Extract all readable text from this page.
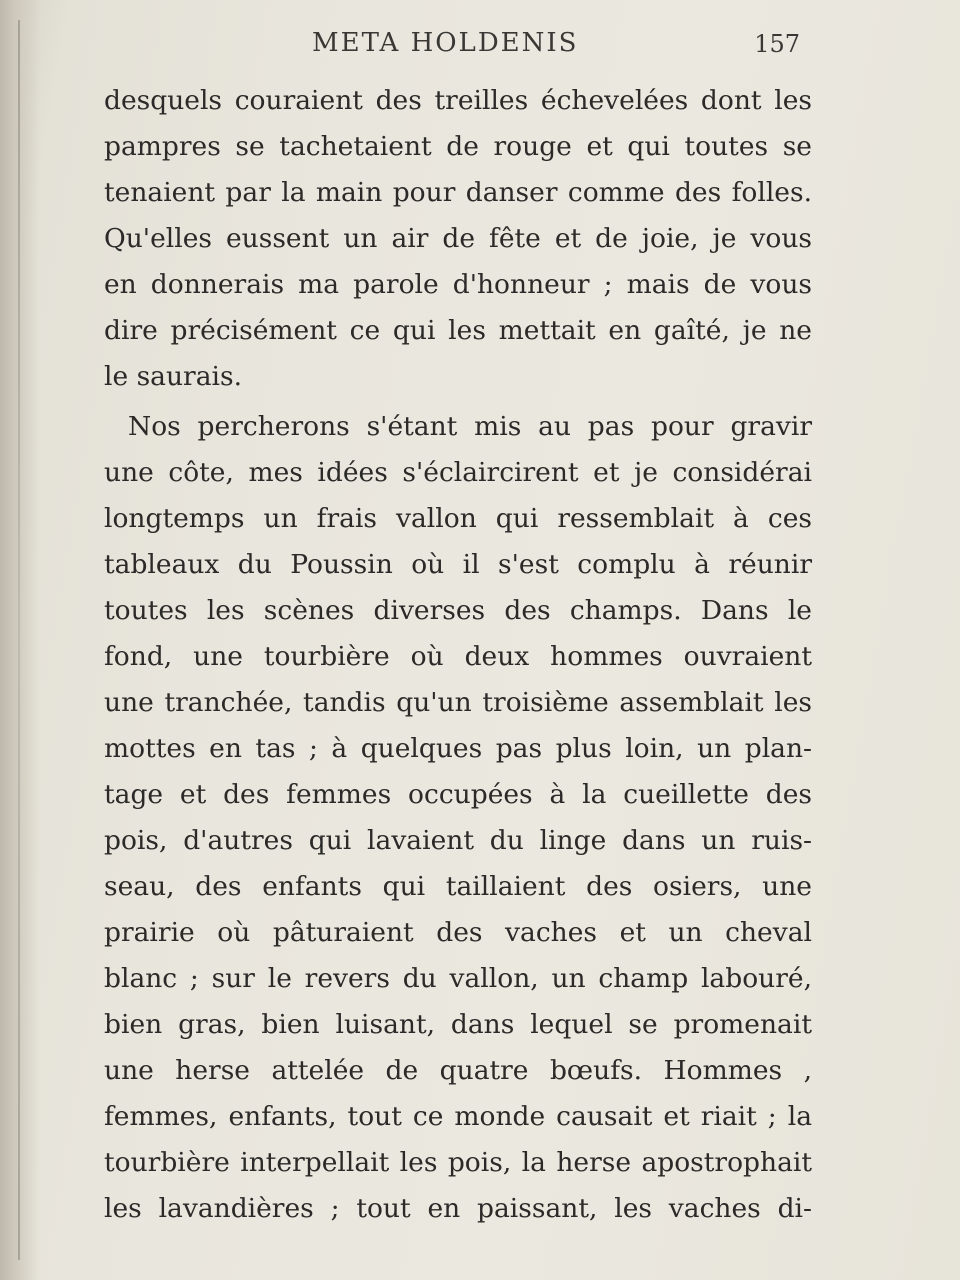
META HOLDENIS	157
desquels couraient des treilles échevelées dont les
pampres se tachetaient de rouge et qui toutes se
tenaient par la main pour danser comme des folles.
Qu'elles eussent un air de fête et de joie, je vous
en donnerais ma parole d'honneur ; mais de vous
dire précisément ce qui les mettait en gaîté, je ne
le saurais.
Nos percherons s'étant mis au pas pour gravir
une côte, mes idées s'éclaircirent et je considérai
longtemps un frais vallon qui ressemblait à ces
tableaux du Poussin où il s'est complu à réunir
toutes les scènes diverses des champs. Dans le
fond, une tourbière où deux hommes ouvraient
une tranchée, tandis qu'un troisième assemblait les
mottes en tas ; à quelques pas plus loin, un plan-
tage et des femmes occupées à la cueillette des
pois, d'autres qui lavaient du linge dans un ruis-
seau, des enfants qui taillaient des osiers, une
prairie où pâturaient des vaches et un cheval
blanc ; sur le revers du vallon, un champ labouré,
bien gras, bien luisant, dans lequel se promenait
une herse attelée de quatre bœufs. Hommes ,
femmes, enfants, tout ce monde causait et riait ; la
tourbière interpellait les pois, la herse apostrophait
les lavandières ; tout en paissant, les vaches di-
